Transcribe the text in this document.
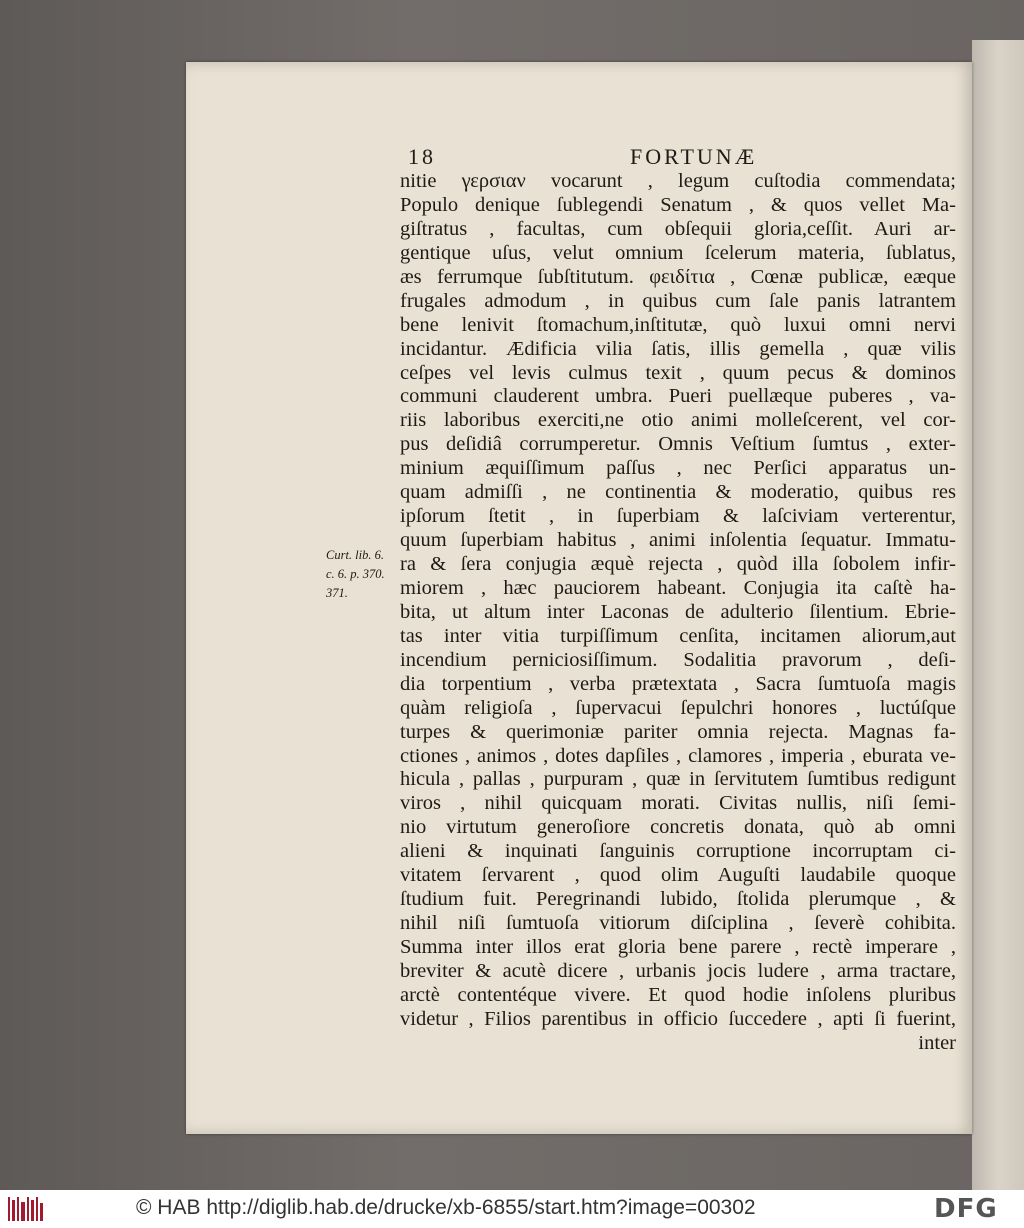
18	FORTUNÆ
nitie γερσιαν vocarunt , legum cuſtodia commendata;
Populo denique ſublegendi Senatum , & quos vellet Ma-
giſtratus , facultas, cum obſequii gloria,ceſſit. Auri ar-
gentique uſus, velut omnium ſcelerum materia, ſublatus,
æs ferrumque ſubſtitutum. φειδίτια , Cœnæ publicæ, eæque
frugales admodum , in quibus cum ſale panis latrantem
bene lenivit ſtomachum,inſtitutæ, quò luxui omni nervi
incidantur. Ædificia vilia ſatis, illis gemella , quæ vilis
ceſpes vel levis culmus texit , quum pecus & dominos
communi clauderent umbra. Pueri puellæque puberes , va-
riis laboribus exerciti,ne otio animi molleſcerent, vel cor-
pus deſidiâ corrumperetur. Omnis Veſtium ſumtus , exter-
minium æquiſſimum paſſus , nec Perſici apparatus un-
quam admiſſi , ne continentia & moderatio, quibus res
ipſorum ſtetit , in ſuperbiam & laſciviam verterentur,
quum ſuperbiam habitus , animi inſolentia ſequatur. Immatu-
ra & ſera conjugia æquè rejecta , quòd illa ſobolem infir-
miorem , hæc pauciorem habeant. Conjugia ita caſtè ha-
bita, ut altum inter Laconas de adulterio ſilentium. Ebrie-
tas inter vitia turpiſſimum cenſita, incitamen aliorum,aut
incendium perniciosiſſimum. Sodalitia pravorum , deſi-
dia torpentium , verba prætextata , Sacra ſumtuoſa magis
quàm religioſa , ſupervacui ſepulchri honores , luctúſque
turpes & querimoniæ pariter omnia rejecta. Magnas fa-
ctiones , animos , dotes dapſiles , clamores , imperia , eburata ve-
hicula , pallas , purpuram , quæ in ſervitutem ſumtibus redigunt
viros , nihil quicquam morati. Civitas nullis, niſi ſemi-
nio virtutum generoſiore concretis donata, quò ab omni
alieni & inquinati ſanguinis corruptione incorruptam ci-
vitatem ſervarent , quod olim Auguſti laudabile quoque
ſtudium fuit. Peregrinandi lubido, ſtolida plerumque , &
nihil niſi ſumtuoſa vitiorum diſciplina , ſeverè cohibita.
Summa inter illos erat gloria bene parere , rectè imperare ,
breviter & acutè dicere , urbanis jocis ludere , arma tractare,
arctè contentéque vivere. Et quod hodie inſolens pluribus
videtur , Filios parentibus in officio ſuccedere , apti ſi fuerint,
inter
Curt. lib. 6.
c. 6. p. 370.
371.
© HAB http://diglib.hab.de/drucke/xb-6855/start.htm?image=00302	DFG
